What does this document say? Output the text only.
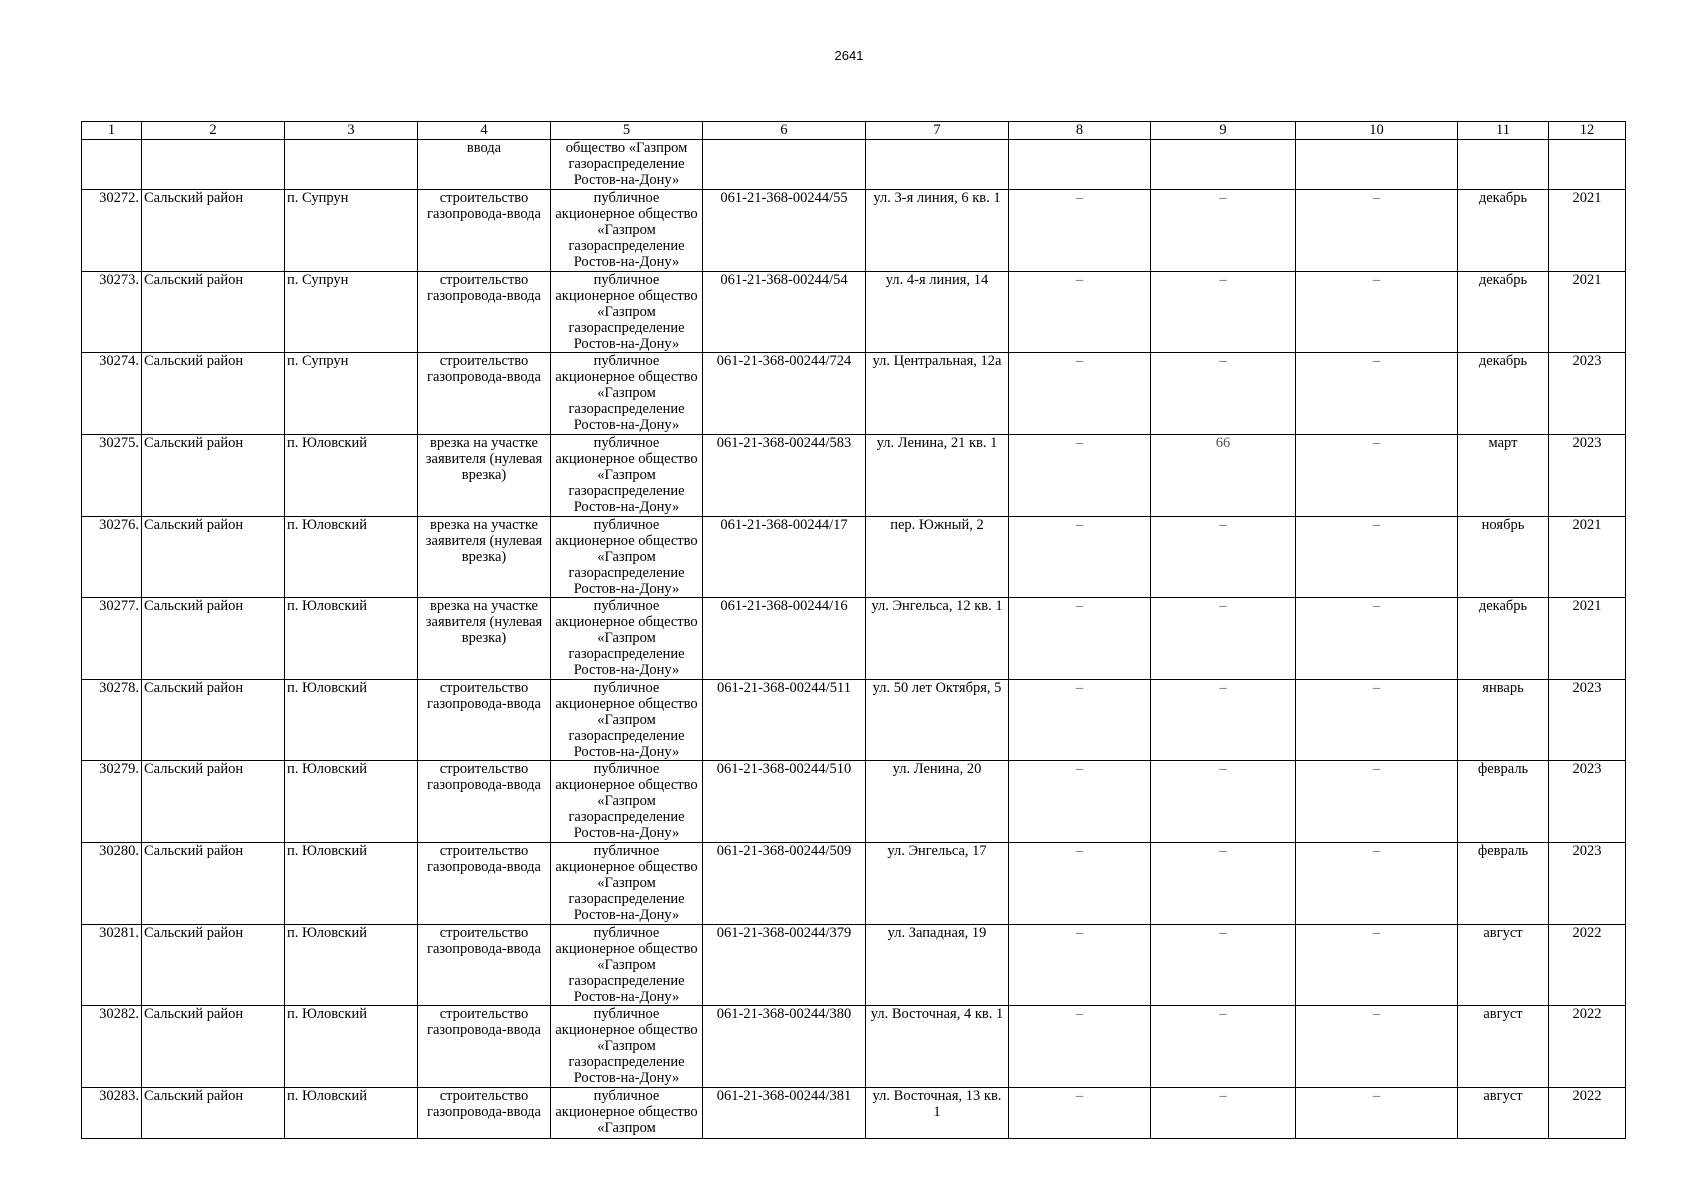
2641
1	2	3	4	5	6	7	8	9	10	11	12
			ввода	общество «Газпром газораспределение Ростов-на-Дону»							
30272.	Сальский район	п. Супрун	строительство газопровода-ввода	публичное акционерное общество «Газпром газораспределение Ростов-на-Дону»	061-21-368-00244/55	ул. 3-я линия, 6 кв. 1	–	–	–	декабрь	2021
30273.	Сальский район	п. Супрун	строительство газопровода-ввода	публичное акционерное общество «Газпром газораспределение Ростов-на-Дону»	061-21-368-00244/54	ул. 4-я линия, 14	–	–	–	декабрь	2021
30274.	Сальский район	п. Супрун	строительство газопровода-ввода	публичное акционерное общество «Газпром газораспределение Ростов-на-Дону»	061-21-368-00244/724	ул. Центральная, 12а	–	–	–	декабрь	2023
30275.	Сальский район	п. Юловский	врезка на участке заявителя (нулевая врезка)	публичное акционерное общество «Газпром газораспределение Ростов-на-Дону»	061-21-368-00244/583	ул. Ленина, 21 кв. 1	–	66	–	март	2023
30276.	Сальский район	п. Юловский	врезка на участке заявителя (нулевая врезка)	публичное акционерное общество «Газпром газораспределение Ростов-на-Дону»	061-21-368-00244/17	пер. Южный, 2	–	–	–	ноябрь	2021
30277.	Сальский район	п. Юловский	врезка на участке заявителя (нулевая врезка)	публичное акционерное общество «Газпром газораспределение Ростов-на-Дону»	061-21-368-00244/16	ул. Энгельса, 12 кв. 1	–	–	–	декабрь	2021
30278.	Сальский район	п. Юловский	строительство газопровода-ввода	публичное акционерное общество «Газпром газораспределение Ростов-на-Дону»	061-21-368-00244/511	ул. 50 лет Октября, 5	–	–	–	январь	2023
30279.	Сальский район	п. Юловский	строительство газопровода-ввода	публичное акционерное общество «Газпром газораспределение Ростов-на-Дону»	061-21-368-00244/510	ул. Ленина, 20	–	–	–	февраль	2023
30280.	Сальский район	п. Юловский	строительство газопровода-ввода	публичное акционерное общество «Газпром газораспределение Ростов-на-Дону»	061-21-368-00244/509	ул. Энгельса, 17	–	–	–	февраль	2023
30281.	Сальский район	п. Юловский	строительство газопровода-ввода	публичное акционерное общество «Газпром газораспределение Ростов-на-Дону»	061-21-368-00244/379	ул. Западная, 19	–	–	–	август	2022
30282.	Сальский район	п. Юловский	строительство газопровода-ввода	публичное акционерное общество «Газпром газораспределение Ростов-на-Дону»	061-21-368-00244/380	ул. Восточная, 4 кв. 1	–	–	–	август	2022
30283.	Сальский район	п. Юловский	строительство газопровода-ввода	публичное акционерное общество «Газпром	061-21-368-00244/381	ул. Восточная, 13 кв. 1	–	–	–	август	2022
